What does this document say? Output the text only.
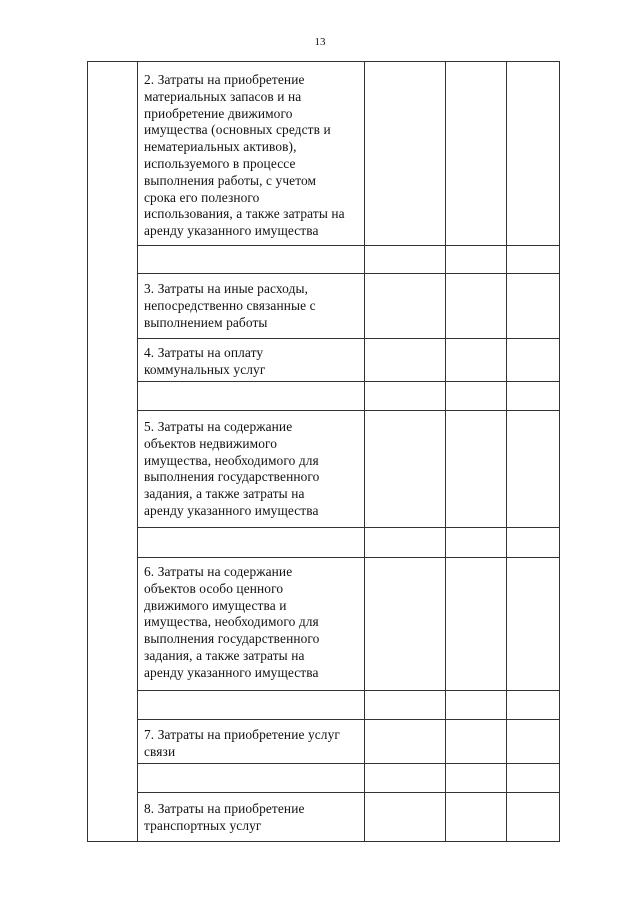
13
2. Затраты на приобретение
материальных запасов и на
приобретение движимого
имущества (основных средств и
нематериальных активов),
используемого в процессе
выполнения работы, с учетом
срока его полезного
использования, а также затраты на
аренду указанного имущества
3. Затраты на иные расходы,
непосредственно связанные с
выполнением работы
4. Затраты на оплату
коммунальных услуг
5. Затраты на содержание
объектов недвижимого
имущества, необходимого для
выполнения государственного
задания, а также затраты на
аренду указанного имущества
6. Затраты на содержание
объектов особо ценного
движимого имущества и
имущества, необходимого для
выполнения государственного
задания, а также затраты на
аренду указанного имущества
7. Затраты на приобретение услуг
связи
8. Затраты на приобретение
транспортных услуг
